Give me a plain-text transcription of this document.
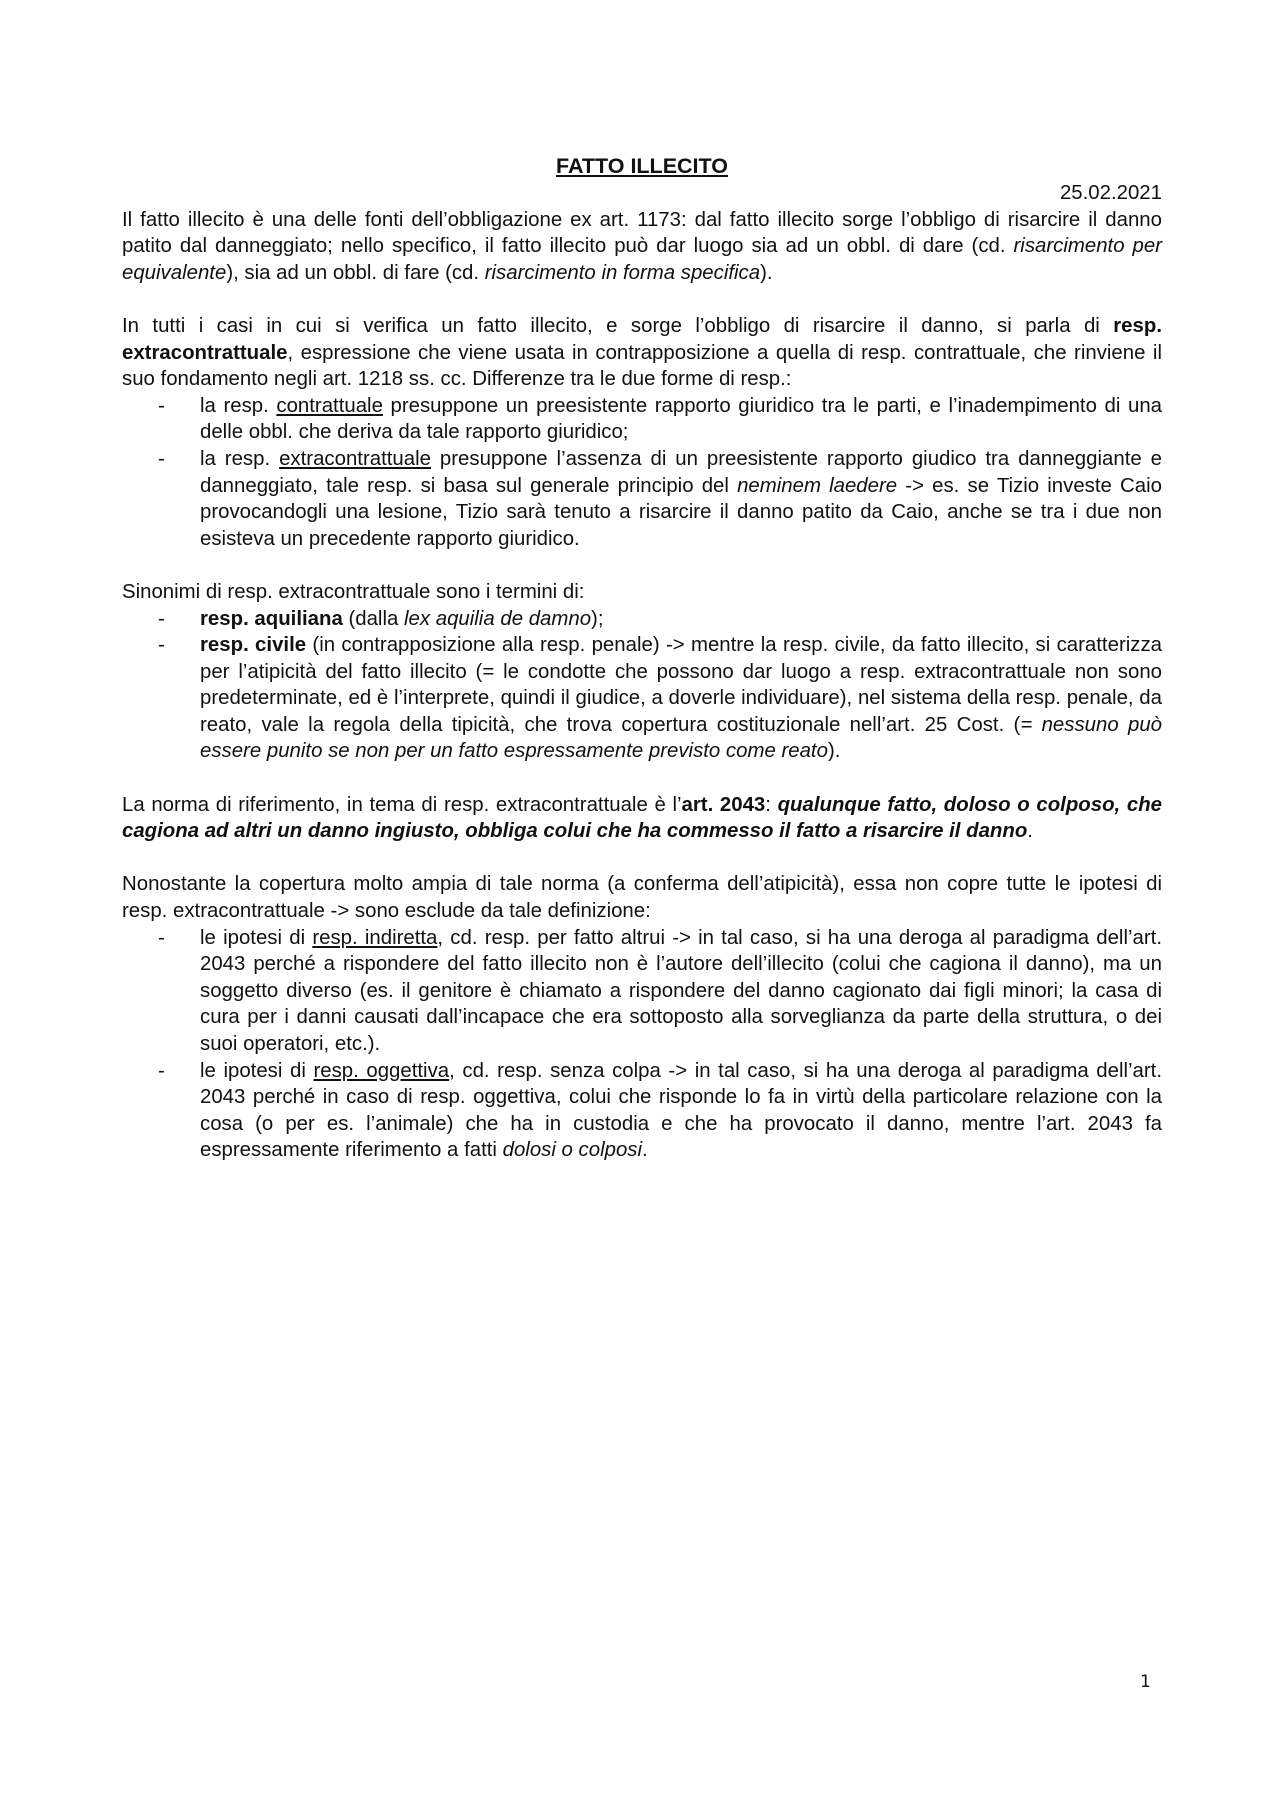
FATTO ILLECITO

25.02.2021

Il fatto illecito è una delle fonti dell’obbligazione ex art. 1173: dal fatto illecito sorge l’obbligo di risarcire il danno patito dal danneggiato; nello specifico, il fatto illecito può dar luogo sia ad un obbl. di dare (cd. risarcimento per equivalente), sia ad un obbl. di fare (cd. risarcimento in forma specifica).

In tutti i casi in cui si verifica un fatto illecito, e sorge l’obbligo di risarcire il danno, si parla di resp. extracontrattuale, espressione che viene usata in contrapposizione a quella di resp. contrattuale, che rinviene il suo fondamento negli art. 1218 ss. cc. Differenze tra le due forme di resp.:

- la resp. contrattuale presuppone un preesistente rapporto giuridico tra le parti, e l’inadempimento di una delle obbl. che deriva da tale rapporto giuridico;
- la resp. extracontrattuale presuppone l’assenza di un preesistente rapporto giudico tra danneggiante e danneggiato, tale resp. si basa sul generale principio del neminem laedere -> es. se Tizio investe Caio provocandogli una lesione, Tizio sarà tenuto a risarcire il danno patito da Caio, anche se tra i due non esisteva un precedente rapporto giuridico.

Sinonimi di resp. extracontrattuale sono i termini di:

- resp. aquiliana (dalla lex aquilia de damno);
- resp. civile (in contrapposizione alla resp. penale) -> mentre la resp. civile, da fatto illecito, si caratterizza per l’atipicità del fatto illecito (= le condotte che possono dar luogo a resp. extracontrattuale non sono predeterminate, ed è l’interprete, quindi il giudice, a doverle individuare), nel sistema della resp. penale, da reato, vale la regola della tipicità, che trova copertura costituzionale nell’art. 25 Cost. (= nessuno può essere punito se non per un fatto espressamente previsto come reato).

La norma di riferimento, in tema di resp. extracontrattuale è l’art. 2043: qualunque fatto, doloso o colposo, che cagiona ad altri un danno ingiusto, obbliga colui che ha commesso il fatto a risarcire il danno.

Nonostante la copertura molto ampia di tale norma (a conferma dell’atipicità), essa non copre tutte le ipotesi di resp. extracontrattuale -> sono esclude da tale definizione:

- le ipotesi di resp. indiretta, cd. resp. per fatto altrui -> in tal caso, si ha una deroga al paradigma dell’art. 2043 perché a rispondere del fatto illecito non è l’autore dell’illecito (colui che cagiona il danno), ma un soggetto diverso (es. il genitore è chiamato a rispondere del danno cagionato dai figli minori; la casa di cura per i danni causati dall’incapace che era sottoposto alla sorveglianza da parte della struttura, o dei suoi operatori, etc.).
- le ipotesi di resp. oggettiva, cd. resp. senza colpa -> in tal caso, si ha una deroga al paradigma dell’art. 2043 perché in caso di resp. oggettiva, colui che risponde lo fa in virtù della particolare relazione con la cosa (o per es. l’animale) che ha in custodia e che ha provocato il danno, mentre l’art. 2043 fa espressamente riferimento a fatti dolosi o colposi.
1
